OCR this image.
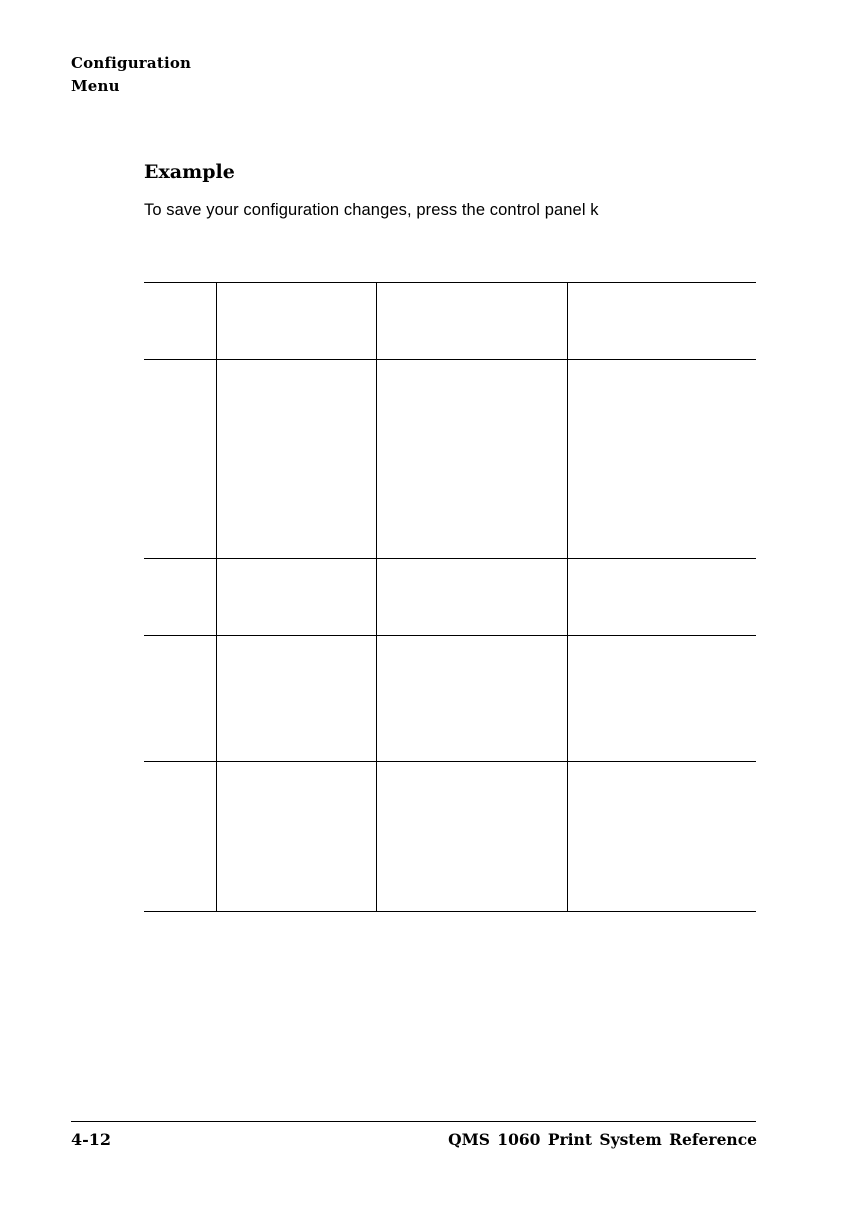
Configuration
Menu
Example
To save your configuration changes, press the control panel k
4-12	QMS 1060 Print System Reference
